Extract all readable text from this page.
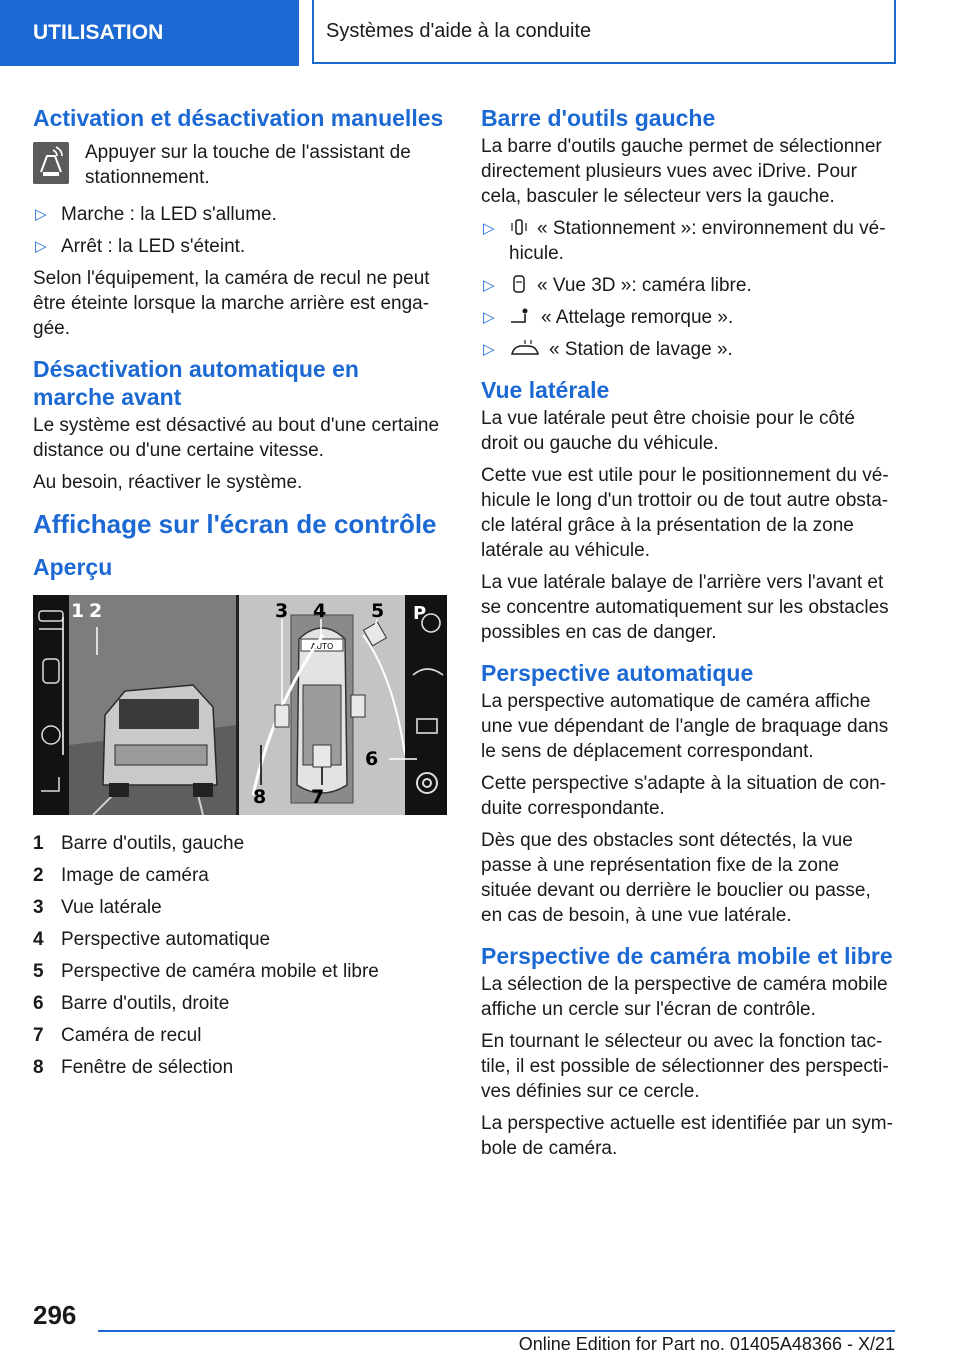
UTILISATION	Systèmes d'aide à la conduite
Activation et désactivation manuelles

Appuyer sur la touche de l'assistant de stationnement.

▷ Marche : la LED s'allume.
▷ Arrêt : la LED s'éteint.

Selon l'équipement, la caméra de recul ne peut être éteinte lorsque la marche arrière est engagée.

Désactivation automatique en marche avant

Le système est désactivé au bout d'une certaine distance ou d'une certaine vitesse.

Au besoin, réactiver le système.

Affichage sur l'écran de contrôle
Aperçu
AUTO
P
1 2	3 4 5
6
7
8
1 Barre d'outils, gauche
2 Image de caméra
3 Vue latérale
4 Perspective automatique
5 Perspective de caméra mobile et libre
6 Barre d'outils, droite
7 Caméra de recul
8 Fenêtre de sélection
Barre d'outils gauche

La barre d'outils gauche permet de sélectionner directement plusieurs vues avec iDrive. Pour cela, basculer le sélecteur vers la gauche.

▷ « Stationnement »: environnement du véhicule.
▷ « Vue 3D »: caméra libre.
▷ « Attelage remorque ».
▷	« Station de lavage ».
Vue latérale

La vue latérale peut être choisie pour le côté droit ou gauche du véhicule.

Cette vue est utile pour le positionnement du véhicule le long d'un trottoir ou de tout autre obstacle latéral grâce à la présentation de la zone latérale au véhicule.

La vue latérale balaye de l'arrière vers l'avant et se concentre automatiquement sur les obstacles possibles en cas de danger.

Perspective automatique

La perspective automatique de caméra affiche une vue dépendant de l'angle de braquage dans le sens de déplacement correspondant.

Cette perspective s'adapte à la situation de conduite correspondante.

Dès que des obstacles sont détectés, la vue passe à une représentation fixe de la zone située devant ou derrière le bouclier ou passe, en cas de besoin, à une vue latérale.

Perspective de caméra mobile et libre

La sélection de la perspective de caméra mobile affiche un cercle sur l'écran de contrôle.

En tournant le sélecteur ou avec la fonction tactile, il est possible de sélectionner des perspectives définies sur ce cercle.

La perspective actuelle est identifiée par un symbole de caméra.

296
Online Edition for Part no. 01405A48366 - X/21
